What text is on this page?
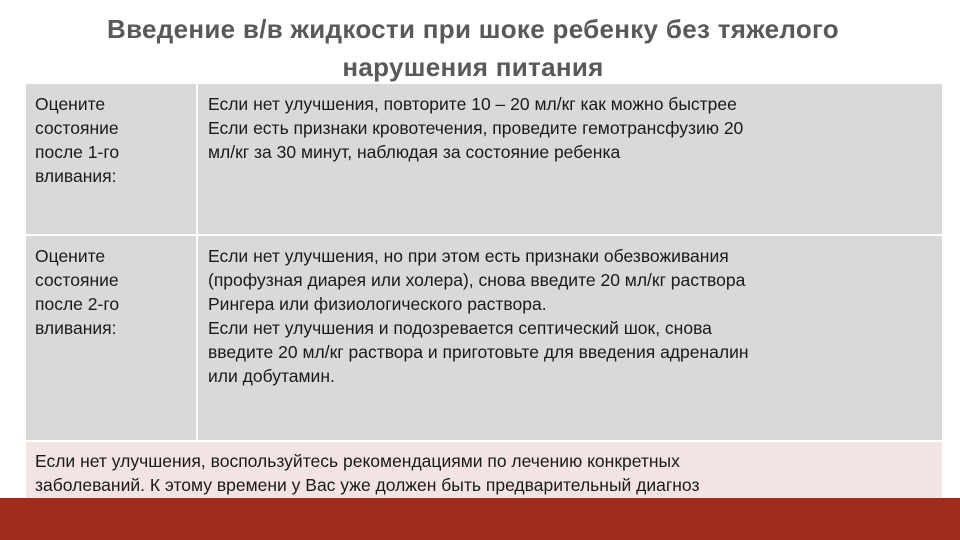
Введение в/в жидкости при шоке ребенку без тяжелого
нарушения питания
Оцените
состояние
после 1-го
вливания:
Если нет улучшения, повторите 10 – 20 мл/кг как можно быстрее
Если есть признаки кровотечения, проведите гемотрансфузию 20
мл/кг за 30 минут, наблюдая за состояние ребенка
Оцените
состояние
после 2-го
вливания:
Если нет улучшения, но при этом есть признаки обезвоживания
(профузная диарея или холера), снова введите 20 мл/кг раствора
Рингера или физиологического раствора.
Если нет улучшения и подозревается септический шок, снова
введите 20 мл/кг раствора и приготовьте для введения адреналин
или добутамин.
Если нет улучшения, воспользуйтесь рекомендациями по лечению конкретных
заболеваний. К этому времени у Вас уже должен быть предварительный диагноз
